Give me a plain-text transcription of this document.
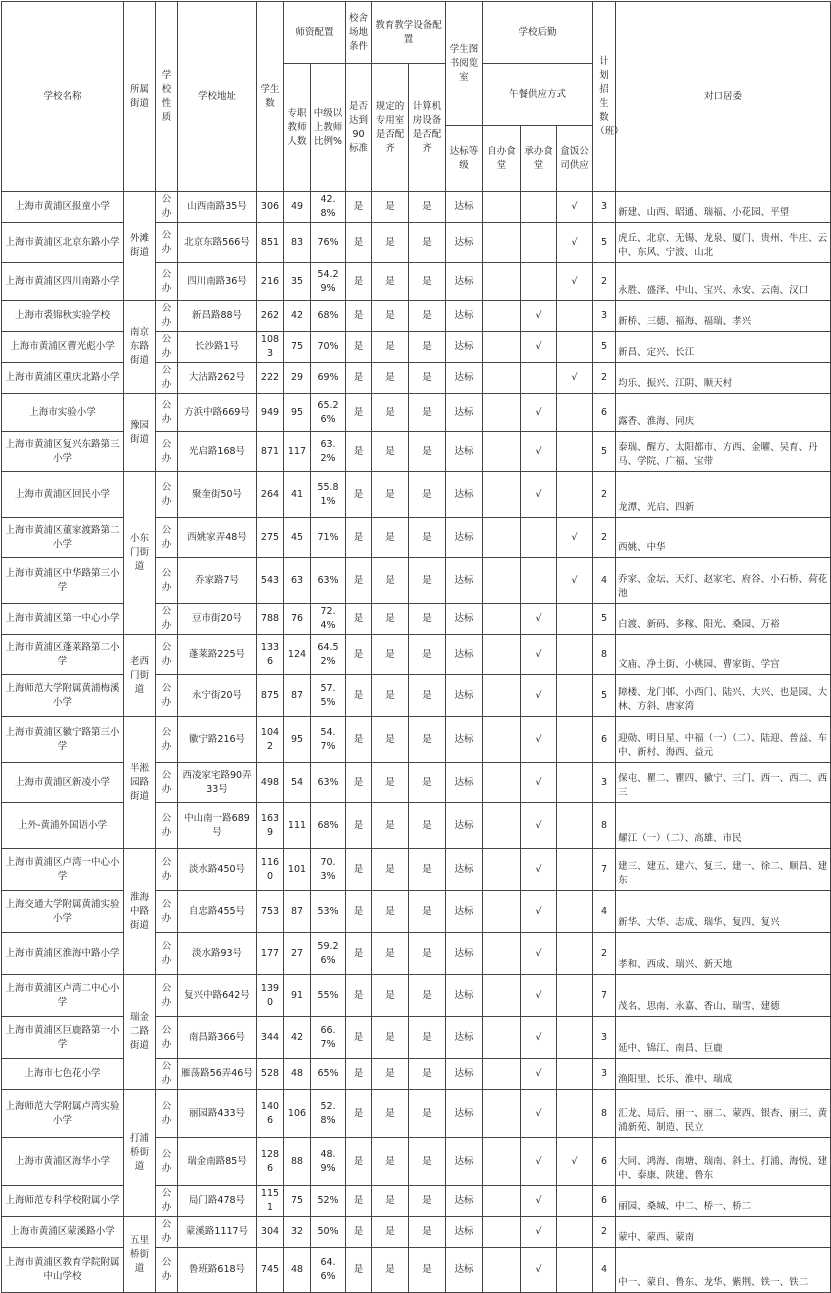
学校名称	所属街道	学校性质	学校地址	学生数	师资配置		校舍场地条件	教育教学设备配置		学生图书阅览室	学校后勤			计划招生数（班）	对口居委
					专职教师人数	中级以上教师比例%	是否达到90标准	规定的专用室是否配齐	计算机房设备是否配齐		午餐供应方式				
										达标等级	自办食堂	承办食堂	盒饭公司供应		
上海市黄浦区报童小学	外滩街道	公办	山西南路35号	306	49	42.8%	是	是	是	达标			√	3	新建、山西、昭通、瑞福、小花园、平望
上海市黄浦区北京东路小学		公办	北京东路566号	851	83	76%	是	是	是	达标			√	5	虎丘、北京、无锡、龙泉、厦门、贵州、牛庄、云中、东风、宁波、山北
上海市黄浦区四川南路小学		公办	四川南路36号	216	35	54.29%	是	是	是	达标			√	2	永胜、盛泽、中山、宝兴、永安、云南、汉口
上海市裘锦秋实验学校	南京东路街道	公办	新昌路88号	262	42	68%	是	是	是	达标		√		3	新桥、三德、福海、福瑞、孝兴
上海市黄浦区曹光彪小学		公办	长沙路1号	1083	75	70%	是	是	是	达标		√		5	新昌、定兴、长江
上海市黄浦区重庆北路小学		公办	大沽路262号	222	29	69%	是	是	是	达标			√	2	均乐、振兴、江阴、顺天村
上海市实验小学	豫园街道	公办	方浜中路669号	949	95	65.26%	是	是	是	达标		√		6	露香、淮海、同庆
上海市黄浦区复兴东路第三小学		公办	光启路168号	871	117	63.2%	是	是	是	达标		√		5	泰瑞、醒方、太阳都市、方西、金曜、吴育、丹马、学院、广福、宝带
上海市黄浦区回民小学	小东门街道	公办	聚奎街50号	264	41	55.81%	是	是	是	达标		√		2	龙潭、光启、四新
上海市黄浦区董家渡路第二小学		公办	西姚家弄48号	275	45	71%	是	是	是	达标			√	2	西姚、中华
上海市黄浦区中华路第三小学		公办	乔家路7号	543	63	63%	是	是	是	达标			√	4	乔家、金坛、天灯、赵家宅、府谷、小石桥、荷花池
上海市黄浦区第一中心小学		公办	豆市街20号	788	76	72.4%	是	是	是	达标		√		5	白渡、新码、多稼、阳光、桑园、万裕
上海市黄浦区蓬莱路第二小学	老西门街道	公办	蓬莱路225号	1336	124	64.52%	是	是	是	达标		√		8	文庙、净土街、小桃园、曹家街、学宫
上海师范大学附属黄浦梅溪小学		公办	永宁街20号	875	87	57.5%	是	是	是	达标		√		5	障楼、龙门邨、小西门、陆兴、大兴、也是园、大林、方斜、唐家湾
上海市黄浦区徽宁路第三小学	半淞园路街道	公办	徽宁路216号	1042	95	54.7%	是	是	是	达标		√		6	迎勋、明日星、中福（一）（二）、陆迎、普益、车中、新村、海西、益元
上海市黄浦区新凌小学		公办	西凌家宅路90弄33号	498	54	63%	是	是	是	达标		√		3	保屯、瞿二、瞿四、徽宁、三门、西一、西二、西三
上外-黄浦外国语小学		公办	中山南一路689号	1639	111	68%	是	是	是	达标		√		8	耀江（一）（二）、高雄、市民
上海市黄浦区卢湾一中心小学	淮海中路街道	公办	淡水路450号	1160	101	70.3%	是	是	是	达标		√		7	建三、建五、建六、复三、建一、徐二、顺昌、建东
上海交通大学附属黄浦实验小学		公办	自忠路455号	753	87	53%	是	是	是	达标		√		4	新华、大华、志成、瑞华、复四、复兴
上海市黄浦区淮海中路小学		公办	淡水路93号	177	27	59.26%	是	是	是	达标		√		2	孝和、西成、瑞兴、新天地
上海市黄浦区卢湾二中心小学	瑞金二路街道	公办	复兴中路642号	1390	91	55%	是	是	是	达标		√		7	茂名、思南、永嘉、香山、瑞雪、建德
上海市黄浦区巨鹿路第一小学		公办	南昌路366号	344	42	66.7%	是	是	是	达标		√		3	延中、锦江、南昌、巨鹿
上海市七色花小学		公办	雁荡路56弄46号	528	48	65%	是	是	是	达标		√		3	渔阳里、长乐、淮中、瑞成
上海师范大学附属卢湾实验小学	打浦桥街道	公办	丽园路433号	1406	106	52.8%	是	是	是	达标		√		8	汇龙、局后、丽一、丽二、蒙西、银杏、丽三、黄浦新苑、制造、民立
上海市黄浦区海华小学		公办	瑞金南路85号	1286	88	48.9%	是	是	是	达标		√	√	6	大同、鸿海、南塘、瑞南、斜土、打浦、海悦、建中、泰康、陕建、鲁东
上海师范专科学校附属小学		公办	局门路478号	1151	75	52%	是	是	是	达标		√		6	丽园、桑城、中二、桥一、桥二
上海市黄浦区蒙溪路小学	五里桥街道	公办	蒙溪路1117号	304	32	50%	是	是	是	达标		√		2	蒙中、蒙西、蒙南
上海市黄浦区教育学院附属中山学校		公办	鲁班路618号	745	48	64.6%	是	是	是	达标		√		4	中一、蒙自、鲁东、龙华、紫荆、铁一、铁二
